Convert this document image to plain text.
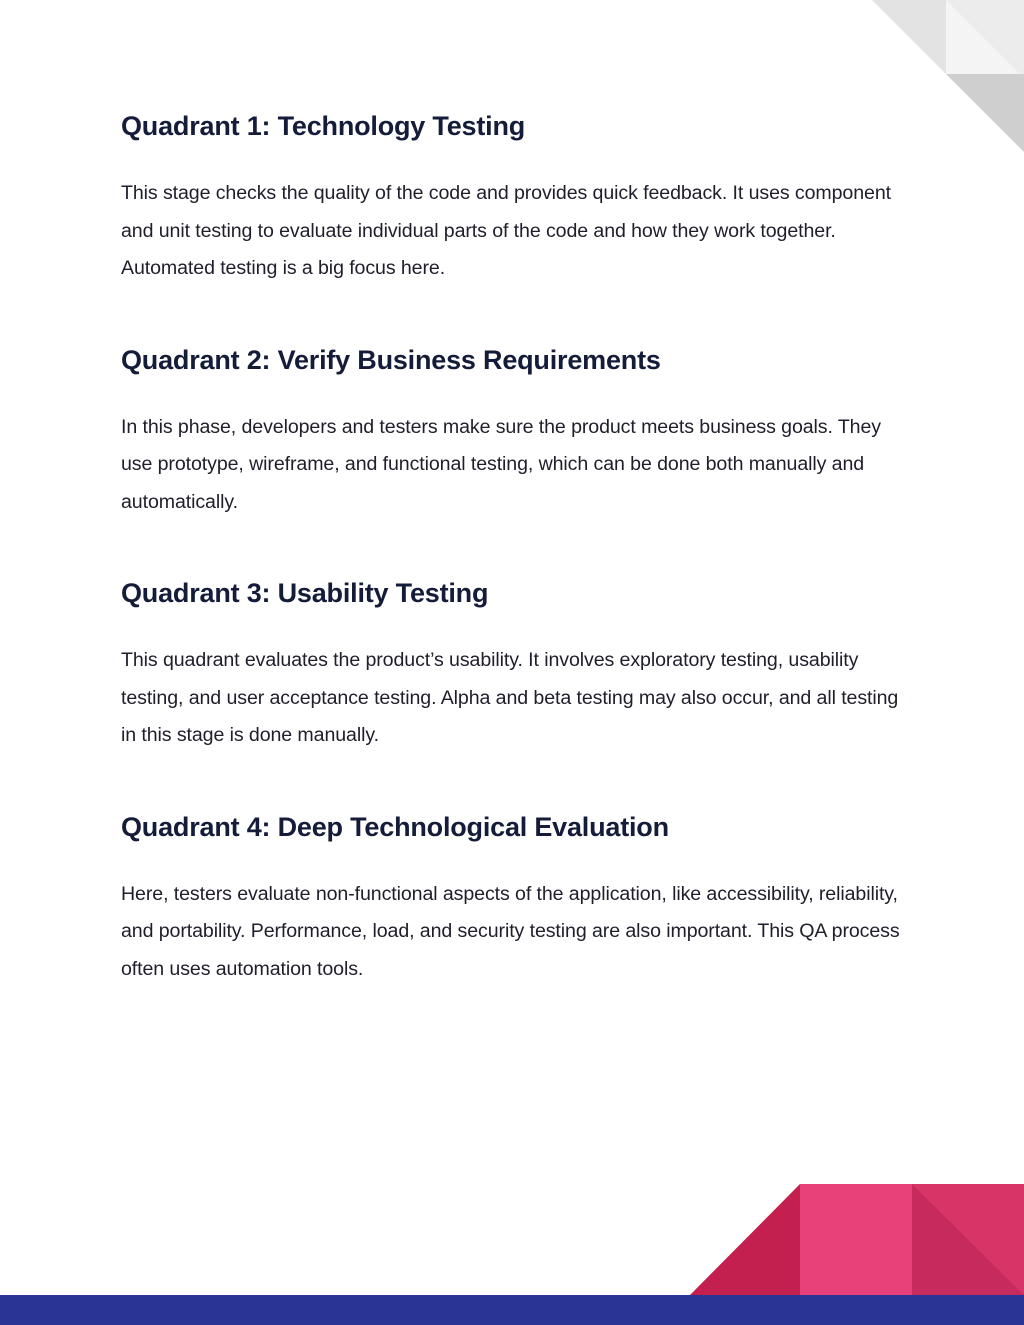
Quadrant 1: Technology Testing

This stage checks the quality of the code and provides quick feedback. It uses component and unit testing to evaluate individual parts of the code and how they work together. Automated testing is a big focus here.

Quadrant 2: Verify Business Requirements

In this phase, developers and testers make sure the product meets business goals. They use prototype, wireframe, and functional testing, which can be done both manually and automatically.

Quadrant 3: Usability Testing

This quadrant evaluates the product’s usability. It involves exploratory testing, usability testing, and user acceptance testing. Alpha and beta testing may also occur, and all testing in this stage is done manually.

Quadrant 4: Deep Technological Evaluation

Here, testers evaluate non-functional aspects of the application, like accessibility, reliability, and portability. Performance, load, and security testing are also important. This QA process often uses automation tools.
